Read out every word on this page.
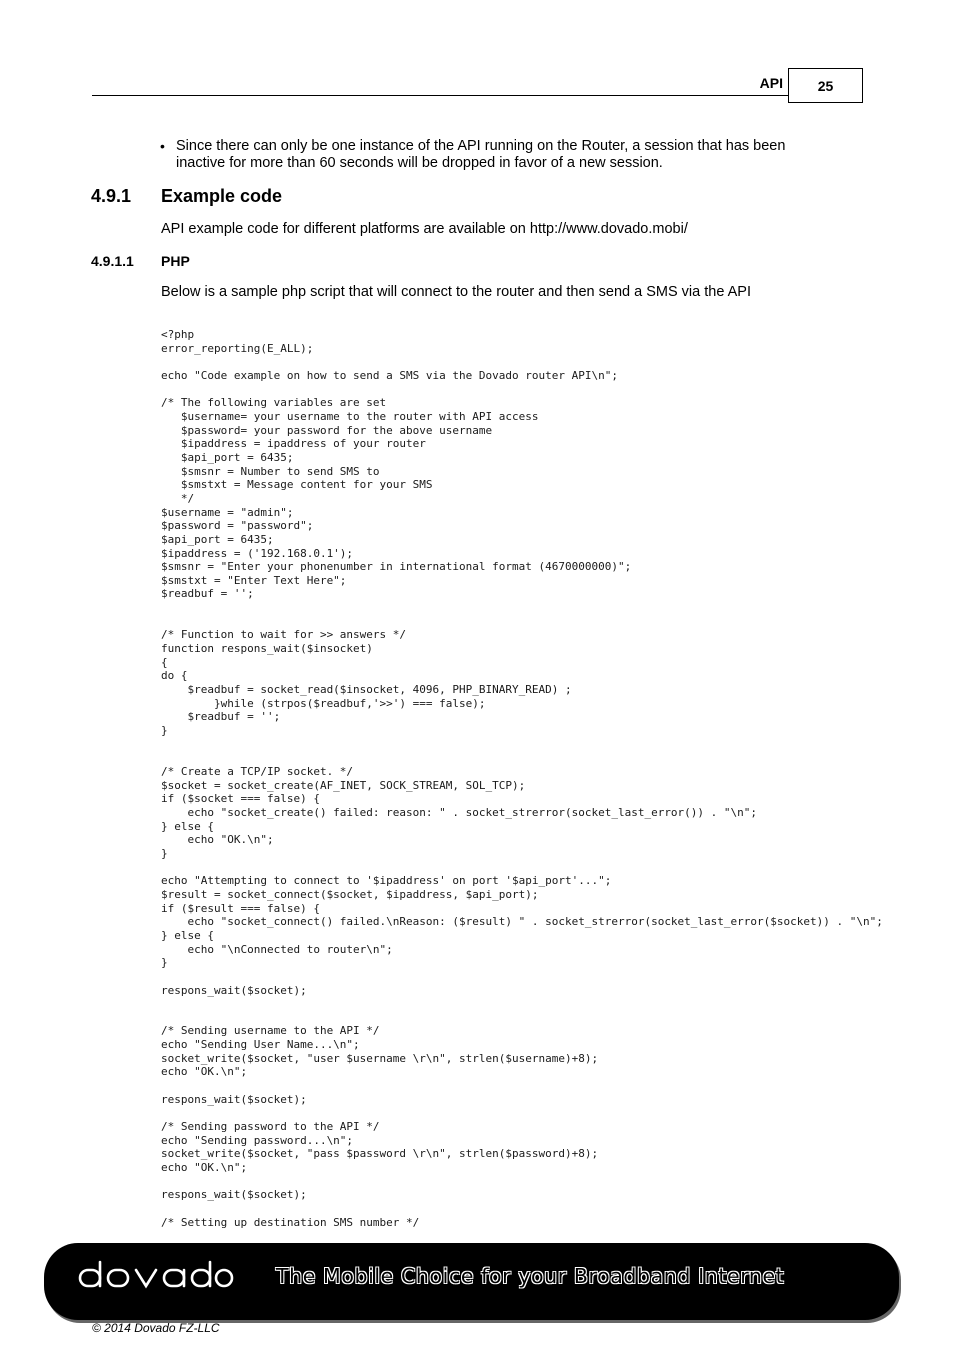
API 25
• Since there can only be one instance of the API running on the Router, a session that has been
inactive for more than 60 seconds will be dropped in favor of a new session.
4.9.1	Example code
API example code for different platforms are available on http://www.dovado.mobi/
4.9.1.1	PHP
Below is a sample php script that will connect to the router and then send a SMS via the API
<?php
error_reporting(E_ALL);

echo "Code example on how to send a SMS via the Dovado router API\n";

/* The following variables are set
$username= your username to the router with API access
$password= your password for the above username
$ipaddress = ipaddress of your router
$api_port = 6435;
$smsnr = Number to send SMS to
$smstxt = Message content for your SMS
*/
$username = "admin";
$password = "password";
$api_port = 6435;
$ipaddress = ('192.168.0.1');
$smsnr = "Enter your phonenumber in international format (4670000000)";
$smstxt = "Enter Text Here";
$readbuf = '';

/* Function to wait for >> answers */
function respons_wait($insocket)
{
do {
$readbuf = socket_read($insocket, 4096, PHP_BINARY_READ) ;
}while (strpos($readbuf,'>>') === false);
$readbuf = '';
}

/* Create a TCP/IP socket. */
$socket = socket_create(AF_INET, SOCK_STREAM, SOL_TCP);
if ($socket === false) {
echo "socket_create() failed: reason: " . socket_strerror(socket_last_error()) . "\n";
} else {
echo "OK.\n";
}

echo "Attempting to connect to '$ipaddress' on port '$api_port'...";
$result = socket_connect($socket, $ipaddress, $api_port);
if ($result === false) {
echo "socket_connect() failed.\nReason: ($result) " . socket_strerror(socket_last_error($socket)) . "\n";
} else {
echo "\nConnected to router\n";
}

respons_wait($socket);

/* Sending username to the API */
echo "Sending User Name...\n";
socket_write($socket, "user $username \r\n", strlen($username)+8);
echo "OK.\n";

respons_wait($socket);

/* Sending password to the API */
echo "Sending password...\n";
socket_write($socket, "pass $password \r\n", strlen($password)+8);
echo "OK.\n";

respons_wait($socket);

/* Setting up destination SMS number */
The Mobile Choice for your Broadband Internet
© 2014 Dovado FZ-LLC
